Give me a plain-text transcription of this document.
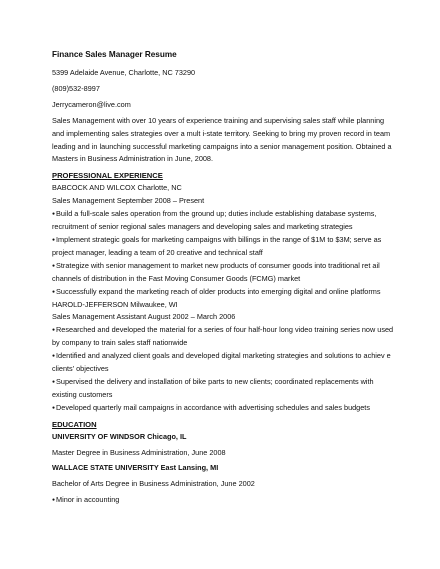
Finance Sales Manager Resume
5399 Adelaide Avenue, Charlotte, NC 73290
(809)532-8997
Jerrycameron@live.com
Sales Management with over 10 years of experience training and supervising sales staff while planning
and implementing sales strategies over a mult i-state territory. Seeking to bring my proven record in team
leading and in launching successful marketing campaigns into a senior management position. Obtained a
Masters in Business Administration in June, 2008.
PROFESSIONAL EXPERIENCE
BABCOCK AND WILCOX Charlotte, NC
Sales Management September 2008 – Present
● Build a full-scale sales operation from the ground up; duties include establishing database systems,
recruitment of senior regional sales managers and developing sales and marketing strategies
● Implement strategic goals for marketing campaigns with billings in the range of $1M to $3M; serve as
project manager, leading a team of 20 creative and technical staff
● Strategize with senior management to market new products of consumer goods into traditional ret ail
channels of distribution in the Fast Moving Consumer Goods (FCMG) market
● Successfully expand the marketing reach of older products into emerging digital and online platforms
HAROLD-JEFFERSON Milwaukee, WI
Sales Management Assistant August 2002 – March 2006
● Researched and developed the material for a series of four half-hour long video training series now used
by company to train sales staff nationwide
● Identified and analyzed client goals and developed digital marketing strategies and solutions to achiev e
clients' objectives
● Supervised the delivery and installation of bike parts to new clients; coordinated replacements with
existing customers
● Developed quarterly mail campaigns in accordance with advertising schedules and sales budgets
EDUCATION
UNIVERSITY OF WINDSOR Chicago, IL
Master Degree in Business Administration, June 2008
WALLACE STATE UNIVERSITY East Lansing, MI
Bachelor of Arts Degree in Business Administration, June 2002
● Minor in accounting
